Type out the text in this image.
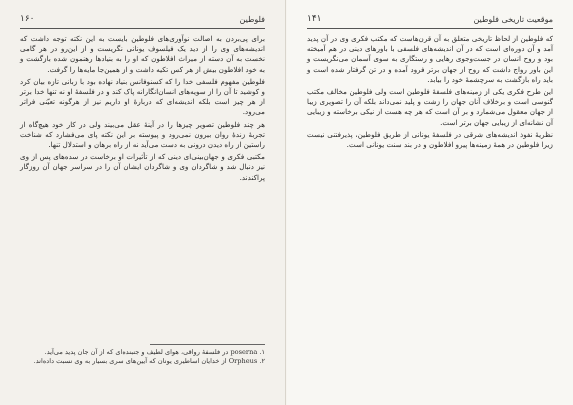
فلوطین
۱۶۰

برای پی‌بردن به اصالت نوآوری‌های فلوطین بایست به این نکته توجه داشت که اندیشه‌های وی را از دید یک فیلسوف یونانی نگریست و از این‌رو در هر گامی نخست به آن دسته از میراث افلاطون که او را به بنیادها رهنمون شده بازگشت و به خود افلاطون بیش از هر کس تکیه داشت و از همین‌جا مایه‌ها را گرفت.

فلوطین مفهوم فلسفی خدا را که کسنوفانس بنیاد نهاده بود با زبانی تازه بیان کرد و کوشید تا آن را از سویه‌های انسان‌انگارانه پاک کند و در فلسفهٔ او نه تنها خدا برتر از هر چیز است بلکه اندیشه‌ای که دربارهٔ او داریم نیز از هرگونه تعیّنی فراتر می‌رود.

هر چند فلوطین تصویر چیزها را در آینهٔ عقل می‌بیند ولی در کار خود هیچ‌گاه از تجربهٔ زندهٔ روان بیرون نمی‌رود و پیوسته بر این نکته پای می‌فشارد که شناخت راستین از راه دیدن درونی به دست می‌آید نه از راه برهان و استدلال تنها.

مکتبی فکری و جهان‌بینی‌ای دینی که از تأثیرات او برخاست در سده‌های پس از وی نیز دنبال شد و شاگردان وی و شاگردان ایشان آن را در سراسر جهان آن روزگار پراکندند.

۱. poserna در فلسفهٔ رواقی، هوای لطیف و جنبنده‌ای که از آن جان پدید می‌آید.
۲. Orpheus از خدایان اساطیری یونان که آیین‌های سری بسیار به وی نسبت داده‌اند.
موقعیت تاریخی فلوطین
۱۴۱

که فلوطین از لحاظ تاریخی متعلق به آن قرن‌هاست که مکتب فکری وی در آن پدید آمد و آن دوره‌ای است که در آن اندیشه‌های فلسفی با باورهای دینی در هم آمیخته بود و روح انسان در جست‌وجوی رهایی و رستگاری به سوی آسمان می‌نگریست و این باور رواج داشت که روح از جهان برتر فرود آمده و در تن گرفتار شده است و باید راه بازگشت به سرچشمهٔ خود را بیابد.

این طرح فکری یکی از زمینه‌های فلسفهٔ فلوطین است ولی فلوطین مخالف مکتب گنوسی است و برخلاف آنان جهان را زشت و پلید نمی‌داند بلکه آن را تصویری زیبا از جهان معقول می‌شمارد و بر آن است که هر چه هست از نیکی برخاسته و زیبایی آن نشانه‌ای از زیبایی جهان برتر است.

نظریهٔ نفوذ اندیشه‌های شرقی در فلسفهٔ یونانی از طریق فلوطین، پذیرفتنی نیست زیرا فلوطین در همهٔ زمینه‌ها پیرو افلاطون و در بند سنت یونانی است.
